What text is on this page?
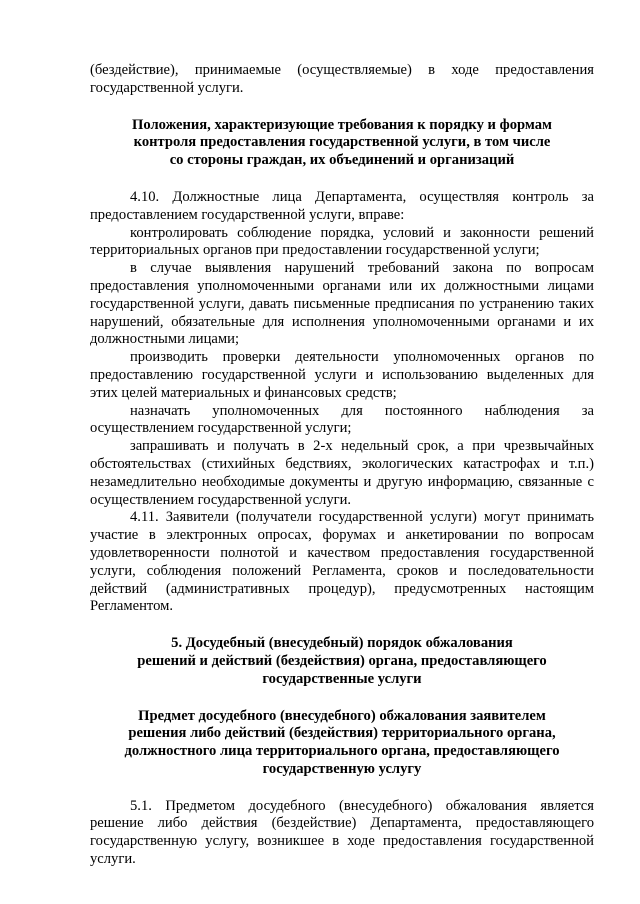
(бездействие), принимаемые (осуществляемые) в ходе предоставления государственной услуги.

Положения, характеризующие требования к порядку и формам
контроля предоставления государственной услуги, в том числе
со стороны граждан, их объединений и организаций

4.10. Должностные лица Департамента, осуществляя контроль за предоставлением государственной услуги, вправе:

контролировать соблюдение порядка, условий и законности решений территориальных органов при предоставлении государственной услуги;

в случае выявления нарушений требований закона по вопросам предоставления уполномоченными органами или их должностными лицами государственной услуги, давать письменные предписания по устранению таких нарушений, обязательные для исполнения уполномоченными органами и их должностными лицами;

производить проверки деятельности уполномоченных органов по предоставлению государственной услуги и использованию выделенных для этих целей материальных и финансовых средств;

назначать уполномоченных для постоянного наблюдения за осуществлением государственной услуги;

запрашивать и получать в 2-х недельный срок, а при чрезвычайных обстоятельствах (стихийных бедствиях, экологических катастрофах и т.п.) незамедлительно необходимые документы и другую информацию, связанные с осуществлением государственной услуги.

4.11. Заявители (получатели государственной услуги) могут принимать участие в электронных опросах, форумах и анкетировании по вопросам удовлетворенности полнотой и качеством предоставления государственной услуги, соблюдения положений Регламента, сроков и последовательности действий (административных процедур), предусмотренных настоящим Регламентом.

5. Досудебный (внесудебный) порядок обжалования
решений и действий (бездействия) органа, предоставляющего
государственные услуги
Предмет досудебного (внесудебного) обжалования заявителем
решения либо действий (бездействия) территориального органа,
должностного лица территориального органа, предоставляющего
государственную услугу

5.1. Предметом досудебного (внесудебного) обжалования является решение либо действия (бездействие) Департамента, предоставляющего государственную услугу, возникшее в ходе предоставления государственной услуги.
